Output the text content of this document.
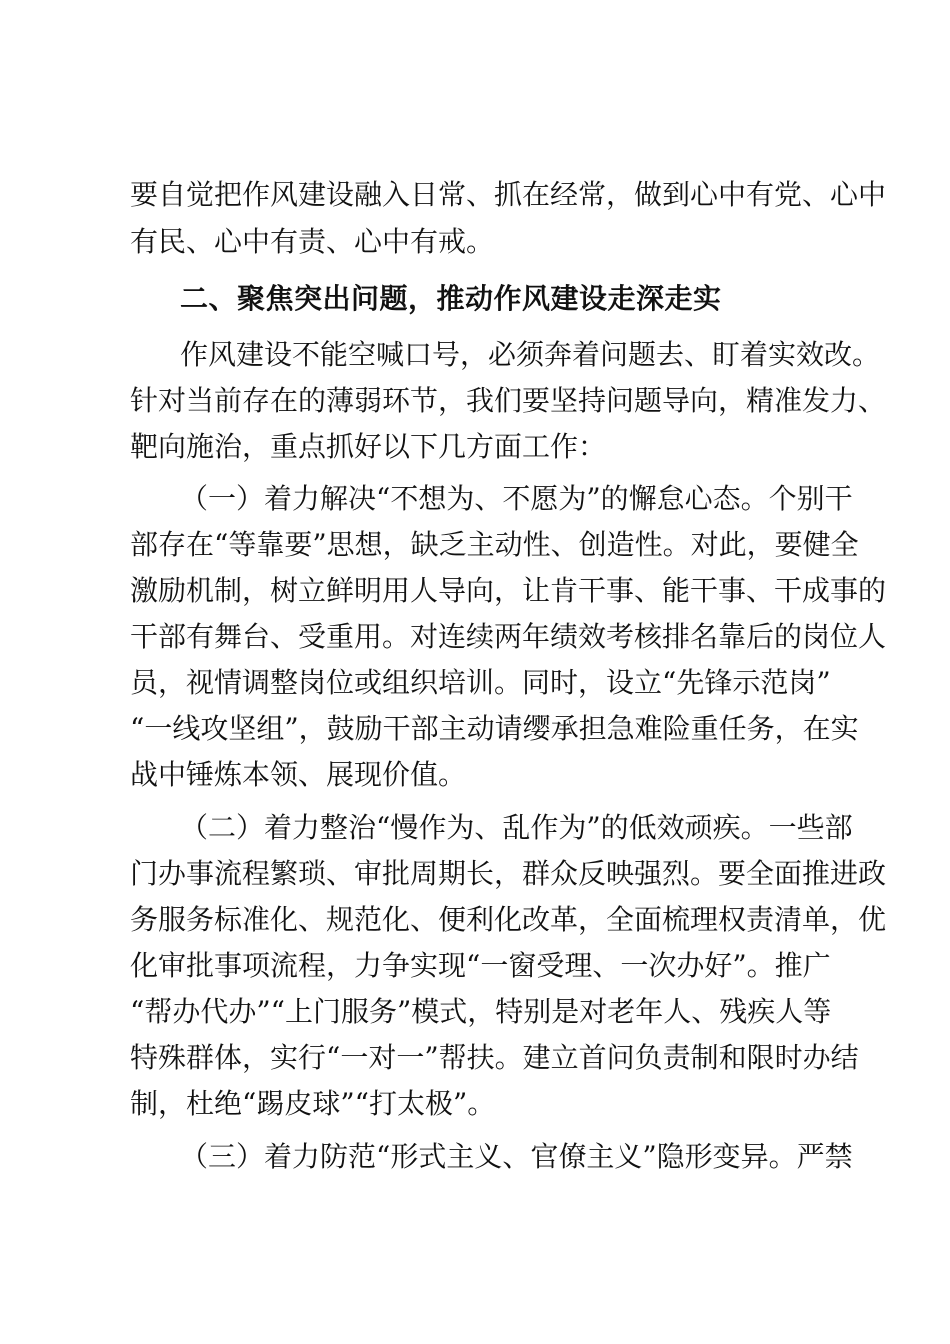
要自觉把作风建设融入日常、抓在经常，做到心中有党、心中
有民、心中有责、心中有戒。
二、聚焦突出问题，推动作风建设走深走实
作风建设不能空喊口号，必须奔着问题去、盯着实效改。
针对当前存在的薄弱环节，我们要坚持问题导向，精准发力、
靶向施治，重点抓好以下几方面工作：
（一）着力解决“不想为、不愿为”的懈怠心态。个别干
部存在“等靠要”思想，缺乏主动性、创造性。对此，要健全
激励机制，树立鲜明用人导向，让肯干事、能干事、干成事的
干部有舞台、受重用。对连续两年绩效考核排名靠后的岗位人
员，视情调整岗位或组织培训。同时，设立“先锋示范岗”
“一线攻坚组”，鼓励干部主动请缨承担急难险重任务，在实
战中锤炼本领、展现价值。
（二）着力整治“慢作为、乱作为”的低效顽疾。一些部
门办事流程繁琐、审批周期长，群众反映强烈。要全面推进政
务服务标准化、规范化、便利化改革，全面梳理权责清单，优
化审批事项流程，力争实现“一窗受理、一次办好”。推广
“帮办代办”“上门服务”模式，特别是对老年人、残疾人等
特殊群体，实行“一对一”帮扶。建立首问负责制和限时办结
制，杜绝“踢皮球”“打太极”。
（三）着力防范“形式主义、官僚主义”隐形变异。严禁
